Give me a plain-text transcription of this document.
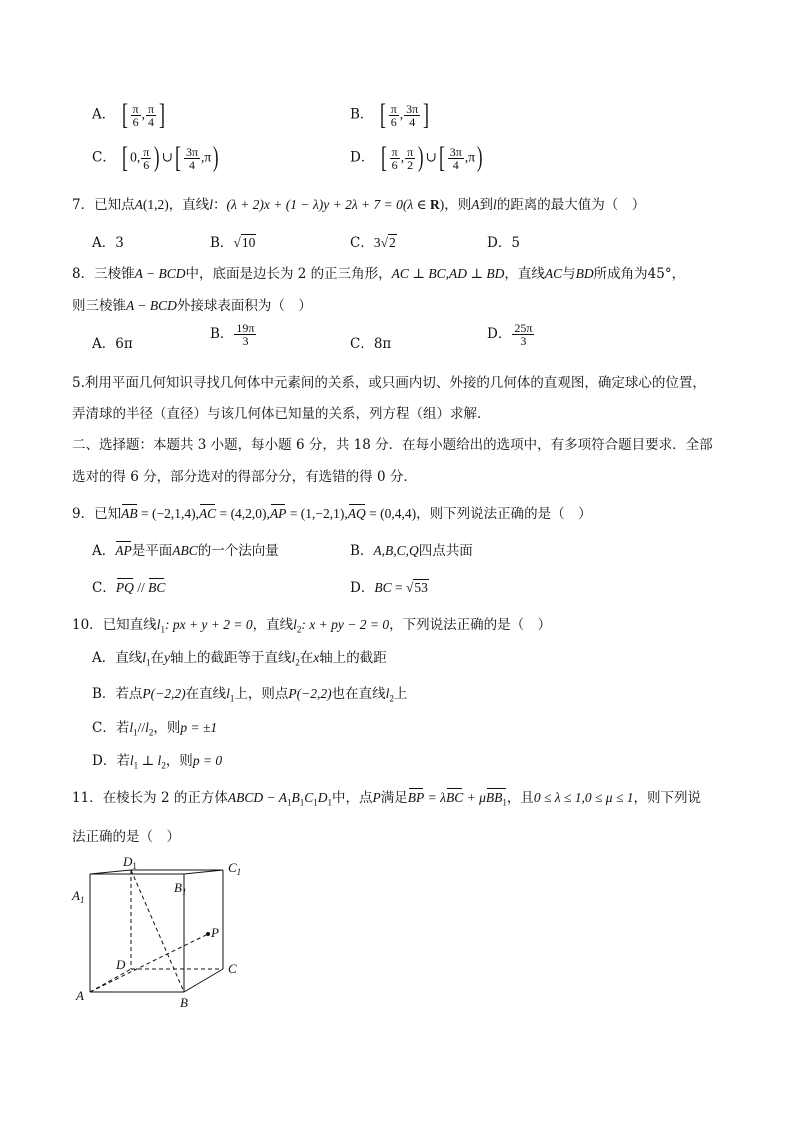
A． [ $\frac{\pi}{6}$ , $\frac{\pi}{4}$ ]	B． [ $\frac{\pi}{6}$ , $\frac{3\pi}{4}$ ]
C． [ 0, $\frac{\pi}{6}$ ) ∪[ $\frac{3\pi}{4} ,\pi$)	D． [ $\frac{\pi}{6}$ , $\frac{\pi}{2}$ ) ∪[ $\frac{3\pi}{4} ,\pi$)
7．已知点A(1,2)，直线l：(λ + 2)x + (1 − λ)y + 2λ + 7 = 0(λ ∈ R)，则A到l的距离的最大值为（　）
A．3	B．√10	C．3√2	D．5
8．三棱锥A − BCD中，底面是边长为 2 的正三角形，AC ⊥ BC,AD ⊥ BD，直线AC与BD所成角为45°，
则三棱锥A − BCD外接球表面积为（　）
A．6π
B． $\frac{19\pi}{3}$	C．8π
D． $\frac{25\pi}{3}$
5.利用平面几何知识寻找几何体中元素间的关系，或只画内切、外接的几何体的直观图，确定球心的位置，
弄清球的半径（直径）与该几何体已知量的关系，列方程（组）求解．
二、选择题：本题共 3 小题，每小题 6 分，共 18 分．在每小题给出的选项中，有多项符合题目要求．全部
选对的得 6 分，部分选对的得部分分，有选错的得 0 分．
9．已知AB = (−2,1,4),AC = (4,2,0),AP = (1,−2,1),AQ = (0,4,4)，则下列说法正确的是（　）
A．AP是平面ABC的一个法向量	B．A,B,C,Q四点共面
C．PQ // BC	D．BC = √53
10．已知直线$l_1$: px + y + 2 = 0，直线$l_2$: x + py − 2 = 0，下列说法正确的是（　）
A．直线$l_1$在y轴上的截距等于直线$l_2$在x轴上的截距
B．若点P(−2,2)在直线$l_1$上，则点P(−2,2)也在直线$l_2$上
C．若$l_1//l_2$，则p = ±1
D．若$l_1$ ⊥ $l_2$，则p = 0
11．在棱长为 2 的正方体ABCD − $A_1B_1C_1D_1$中，点P满足BP = λBC + μBB$_1$，且0 ≤ λ ≤ 1,0 ≤ μ ≤ 1，则下列说
法正确的是（　）
$D_1$	$C_1$
$A_1$
$B_1$
P
D	C
A	B
